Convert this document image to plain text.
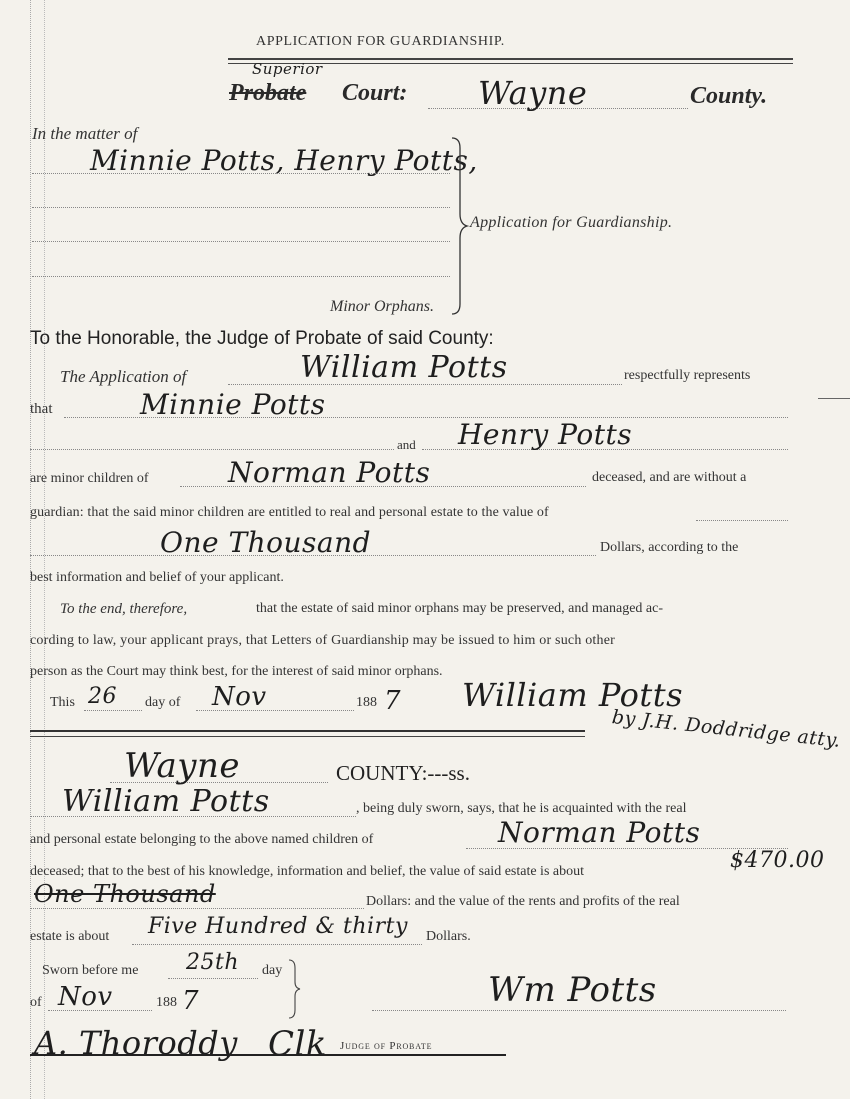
APPLICATION FOR GUARDIANSHIP.
Superior
Probate Court: Wayne	County.
In the matter of
Minnie Potts, Henry Potts,
Application for Guardianship.
Minor Orphans.
To the Honorable, the Judge of Probate of said County:
The Application of	William Potts	respectfully represents
that	Minnie Potts
and Henry Potts
are minor children of	Norman Potts	deceased, and are without a
guardian: that the said minor children are entitled to real and personal estate to the value of
One Thousand	Dollars, according to the
best information and belief of your applicant.
To the end, therefore,	that the estate of said minor orphans may be preserved, and managed ac-
cording to law, your applicant prays, that Letters of Guardianship may be issued to him or such other
person as the Court may think best, for the interest of said minor orphans.
This 26 day of Nov	188 7 William Potts
by J.H. Doddridge atty.
Wayne	COUNTY:---ss.
William Potts	, being duly sworn, says, that he is acquainted with the real
and personal estate belonging to the above named children of	Norman Potts
deceased; that to the best of his knowledge, information and belief, the value of said estate is about	$470.00
One Thousand	Dollars: and the value of the rents and profits of the real
estate is about Five Hundred & thirty Dollars.
Sworn before me 25th day
of Nov	188 7	Wm Potts
A. Thoroddy Clk Judge of Probate
